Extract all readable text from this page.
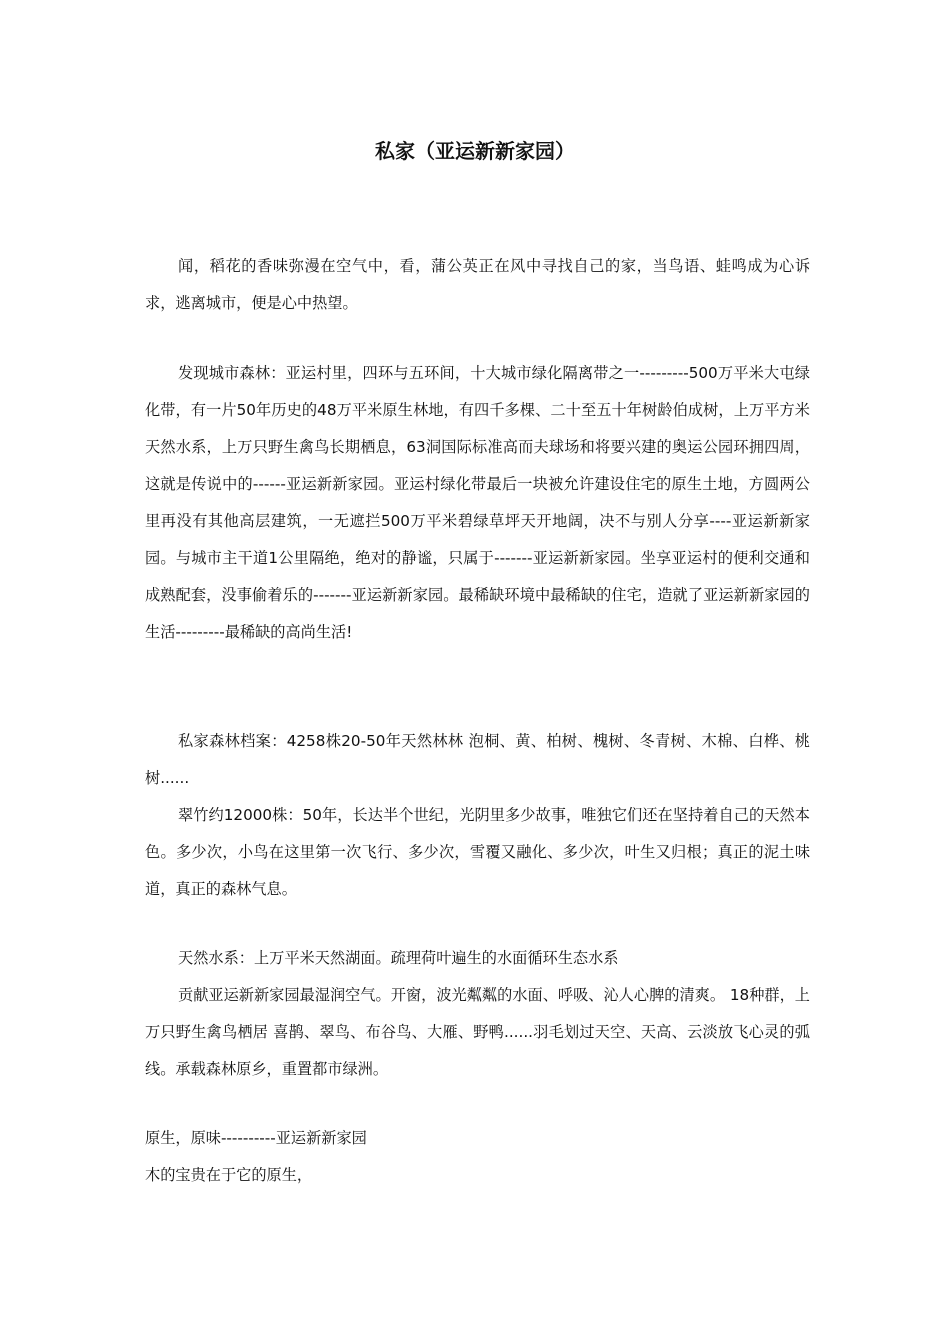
私家（亚运新新家园）

闻，稻花的香味弥漫在空气中，看，蒲公英正在风中寻找自己的家，当鸟语、蛙鸣成为心诉求，逃离城市，便是心中热望。

发现城市森林：亚运村里，四环与五环间，十大城市绿化隔离带之一---------500万平米大屯绿化带，有一片50年历史的48万平米原生林地，有四千多棵、二十至五十年树龄伯成树，上万平方米天然水系，上万只野生禽鸟长期栖息，63洞国际标准高而夫球场和将要兴建的奥运公园环拥四周，这就是传说中的------亚运新新家园。亚运村绿化带最后一块被允许建设住宅的原生土地，方圆两公里再没有其他高层建筑，一无遮拦500万平米碧绿草坪天开地阔，决不与别人分享----亚运新新家园。与城市主干道1公里隔绝，绝对的静谧，只属于-------亚运新新家园。坐享亚运村的便利交通和成熟配套，没事偷着乐的-------亚运新新家园。最稀缺环境中最稀缺的住宅，造就了亚运新新家园的生活---------最稀缺的高尚生活!

私家森林档案：4258株20-50年天然林林 泡桐、黄、柏树、槐树、冬青树、木棉、白桦、桃树......

翠竹约12000株：50年，长达半个世纪，光阴里多少故事，唯独它们还在坚持着自己的天然本色。多少次，小鸟在这里第一次飞行、多少次，雪覆又融化、多少次，叶生又归根；真正的泥土味道，真正的森林气息。

天然水系：上万平米天然湖面。疏理荷叶遍生的水面循环生态水系

贡献亚运新新家园最湿润空气。开窗，波光粼粼的水面、呼吸、沁人心脾的清爽。 18种群，上万只野生禽鸟栖居 喜鹊、翠鸟、布谷鸟、大雁、野鸭......羽毛划过天空、天高、云淡放飞心灵的弧线。承载森林原乡，重置都市绿洲。

原生，原味----------亚运新新家园

木的宝贵在于它的原生，
